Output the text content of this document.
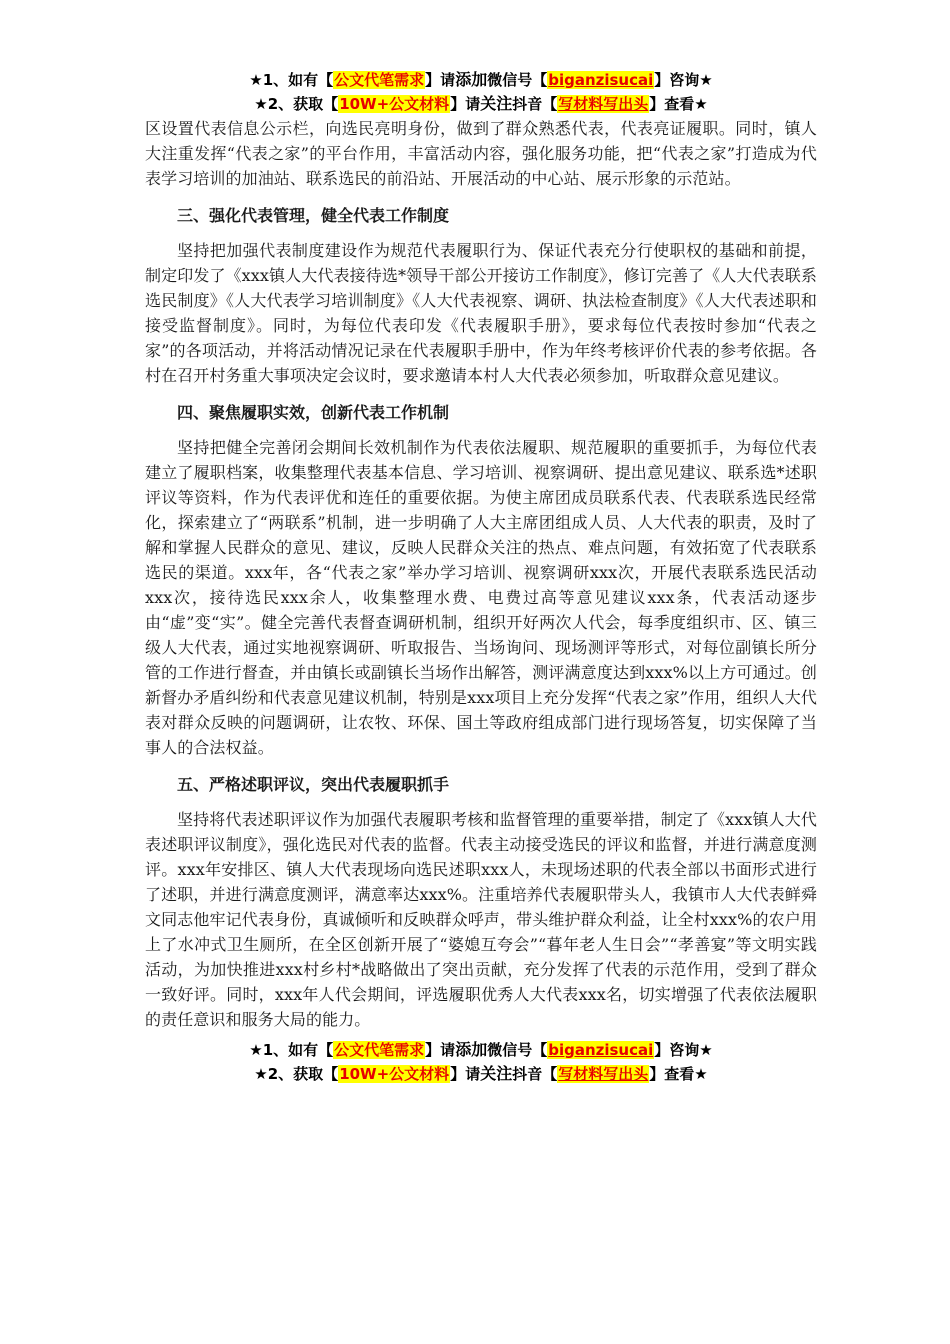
★1、如有【公文代笔需求】请添加微信号【biganzisucai】咨询★
★2、获取【10W+公文材料】请关注抖音【写材料写出头】查看★

区设置代表信息公示栏，向选民亮明身份，做到了群众熟悉代表，代表亮证履职。同时，镇人大注重发挥“代表之家”的平台作用，丰富活动内容，强化服务功能，把“代表之家”打造成为代表学习培训的加油站、联系选民的前沿站、开展活动的中心站、展示形象的示范站。

三、强化代表管理，健全代表工作制度

坚持把加强代表制度建设作为规范代表履职行为、保证代表充分行使职权的基础和前提，制定印发了《xxx镇人大代表接待选*领导干部公开接访工作制度》，修订完善了《人大代表联系选民制度》《人大代表学习培训制度》《人大代表视察、调研、执法检查制度》《人大代表述职和接受监督制度》。同时，为每位代表印发《代表履职手册》，要求每位代表按时参加“代表之家”的各项活动，并将活动情况记录在代表履职手册中，作为年终考核评价代表的参考依据。各村在召开村务重大事项决定会议时，要求邀请本村人大代表必须参加，听取群众意见建议。

四、聚焦履职实效，创新代表工作机制

坚持把健全完善闭会期间长效机制作为代表依法履职、规范履职的重要抓手，为每位代表建立了履职档案，收集整理代表基本信息、学习培训、视察调研、提出意见建议、联系选*述职评议等资料，作为代表评优和连任的重要依据。为使主席团成员联系代表、代表联系选民经常化，探索建立了“两联系”机制，进一步明确了人大主席团组成人员、人大代表的职责，及时了解和掌握人民群众的意见、建议，反映人民群众关注的热点、难点问题，有效拓宽了代表联系选民的渠道。xxx年，各“代表之家”举办学习培训、视察调研xxx次，开展代表联系选民活动xxx次，接待选民xxx余人，收集整理水费、电费过高等意见建议xxx条，代表活动逐步由“虚”变“实”。健全完善代表督查调研机制，组织开好两次人代会，每季度组织市、区、镇三级人大代表，通过实地视察调研、听取报告、当场询问、现场测评等形式，对每位副镇长所分管的工作进行督查，并由镇长或副镇长当场作出解答，测评满意度达到xxx%以上方可通过。创新督办矛盾纠纷和代表意见建议机制，特别是xxx项目上充分发挥“代表之家”作用，组织人大代表对群众反映的问题调研，让农牧、环保、国土等政府组成部门进行现场答复，切实保障了当事人的合法权益。

五、严格述职评议，突出代表履职抓手

坚持将代表述职评议作为加强代表履职考核和监督管理的重要举措，制定了《xxx镇人大代表述职评议制度》，强化选民对代表的监督。代表主动接受选民的评议和监督，并进行满意度测评。xxx年安排区、镇人大代表现场向选民述职xxx人，未现场述职的代表全部以书面形式进行了述职，并进行满意度测评，满意率达xxx%。注重培养代表履职带头人，我镇市人大代表鲜舜文同志他牢记代表身份，真诚倾听和反映群众呼声，带头维护群众利益，让全村xxx%的农户用上了水冲式卫生厕所，在全区创新开展了“婆媳互夸会”“暮年老人生日会”“孝善宴”等文明实践活动，为加快推进xxx村乡村*战略做出了突出贡献，充分发挥了代表的示范作用，受到了群众一致好评。同时，xxx年人代会期间，评选履职优秀人大代表xxx名，切实增强了代表依法履职的责任意识和服务大局的能力。

★1、如有【公文代笔需求】请添加微信号【biganzisucai】咨询★
★2、获取【10W+公文材料】请关注抖音【写材料写出头】查看★
